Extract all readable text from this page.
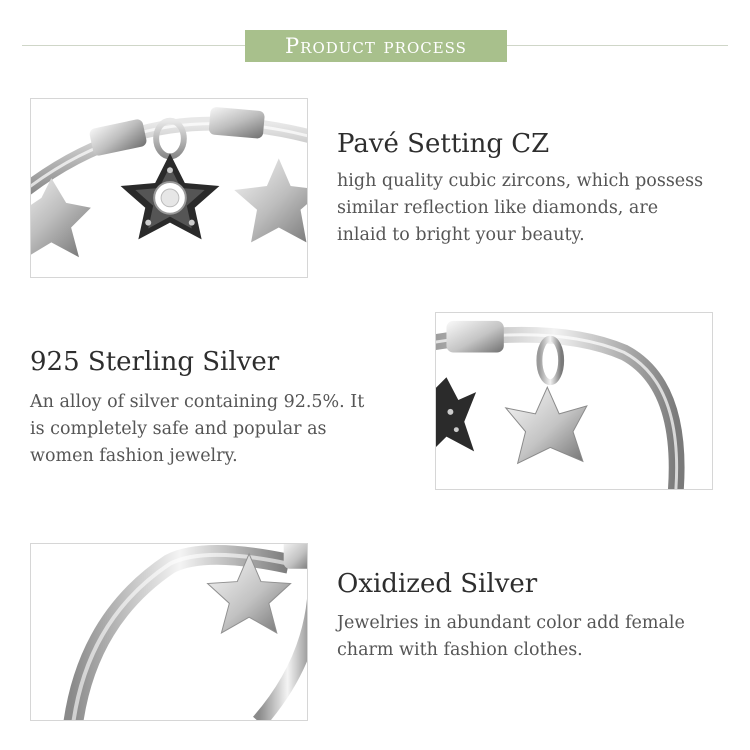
Product process
Pavé Setting CZ

high quality cubic zircons, which possess
similar reflection like diamonds, are
inlaid to bright your beauty.

925 Sterling Silver

An alloy of silver containing 92.5%. It
is completely safe and popular as
women fashion jewelry.

Oxidized Silver

Jewelries in abundant color add female
charm with fashion clothes.
